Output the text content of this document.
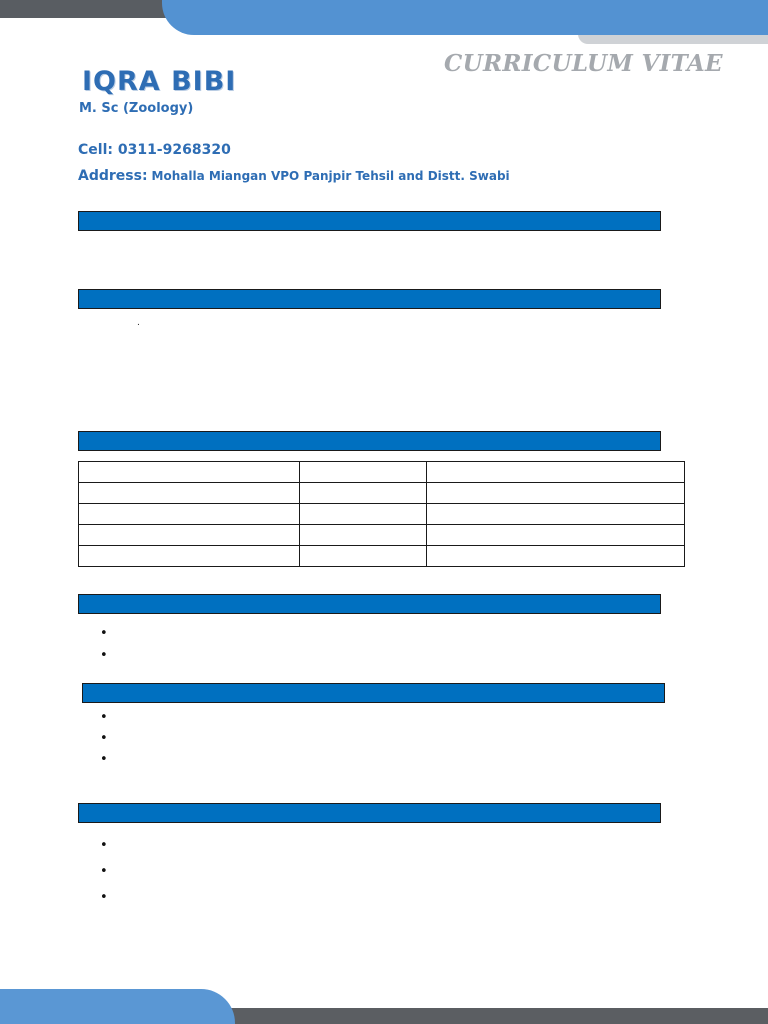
CURRICULUM VITAE
IQRA BIBI
M. Sc (Zoology)
Cell: 0311-9268320
Address: Mohalla Miangan VPO Panjpir Tehsil and Distt. Swabi
.

•
•
•
•
•
•
•
•
